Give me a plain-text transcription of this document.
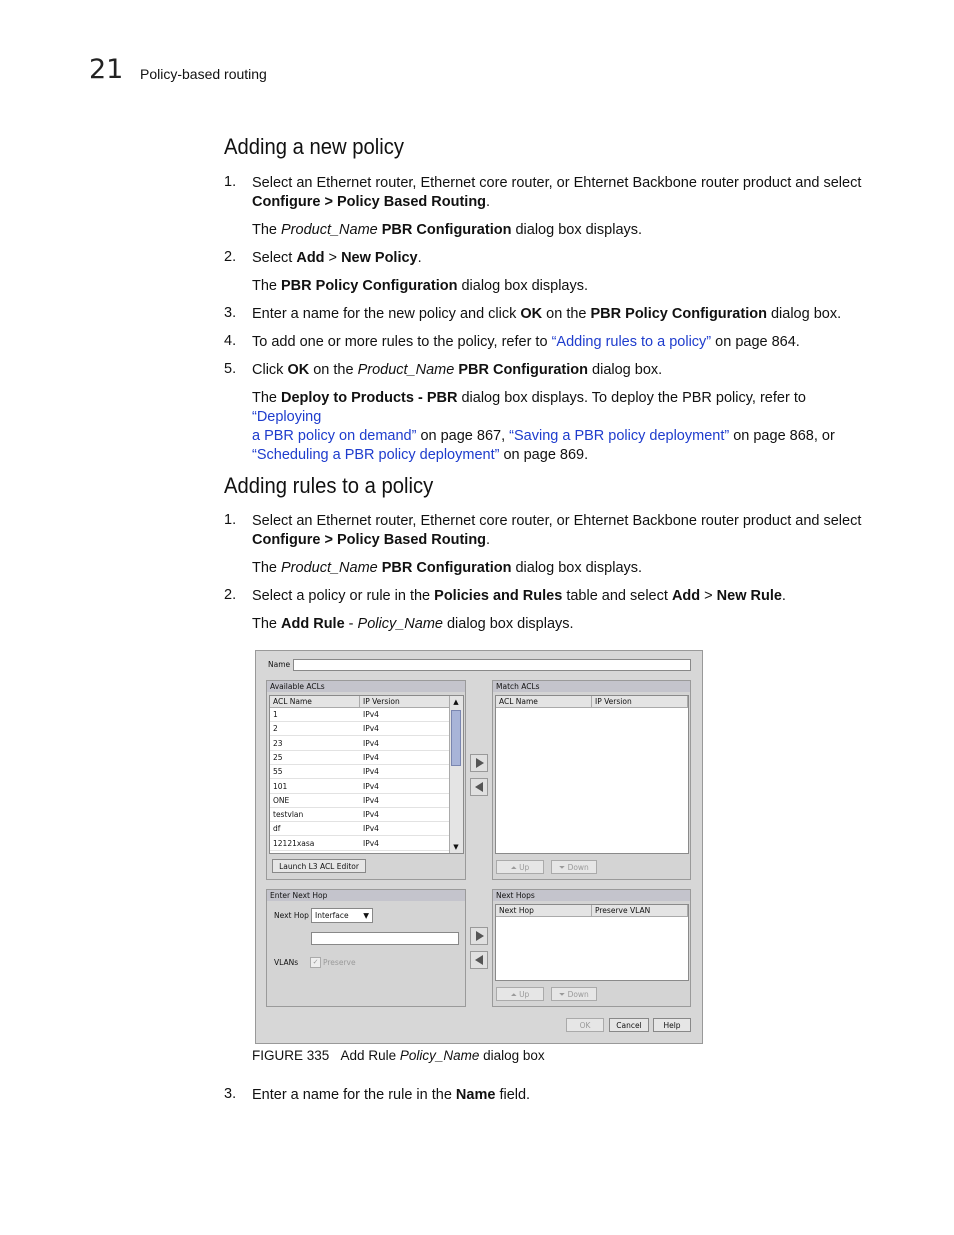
21 Policy-based routing
Adding a new policy
1. Select an Ethernet router, Ethernet core router, or Ehternet Backbone router product and select
Configure > Policy Based Routing.
The Product_Name PBR Configuration dialog box displays.
2. Select Add > New Policy.
The PBR Policy Configuration dialog box displays.
3. Enter a name for the new policy and click OK on the PBR Policy Configuration dialog box.
4. To add one or more rules to the policy, refer to “Adding rules to a policy” on page 864.
5. Click OK on the Product_Name PBR Configuration dialog box.
The Deploy to Products - PBR dialog box displays. To deploy the PBR policy, refer to “Deploying
a PBR policy on demand” on page 867, “Saving a PBR policy deployment” on page 868, or
“Scheduling a PBR policy deployment” on page 869.
Adding rules to a policy
1. Select an Ethernet router, Ethernet core router, or Ehternet Backbone router product and select
Configure > Policy Based Routing.
The Product_Name PBR Configuration dialog box displays.
2. Select a policy or rule in the Policies and Rules table and select Add > New Rule.
The Add Rule - Policy_Name dialog box displays.
Name
Available ACLs
ACL Name	IP Version
1	IPv4
2	IPv4
23	IPv4
25	IPv4
55	IPv4
101	IPv4
ONE	IPv4
testvlan	IPv4
df	IPv4
12121xasa	IPv4
▲
▼
Launch L3 ACL Editor
Match ACLs
ACL Name	IP Version
⏶ Up	⏷ Down
Enter Next Hop
Next Hop Interface ▼
VLANs	✓ Preserve
Next Hops
Next Hop	Preserve VLAN
⏶ Up	⏷ Down
OK	Cancel	Help
FIGURE 335 Add Rule Policy_Name dialog box
3. Enter a name for the rule in the Name field.
